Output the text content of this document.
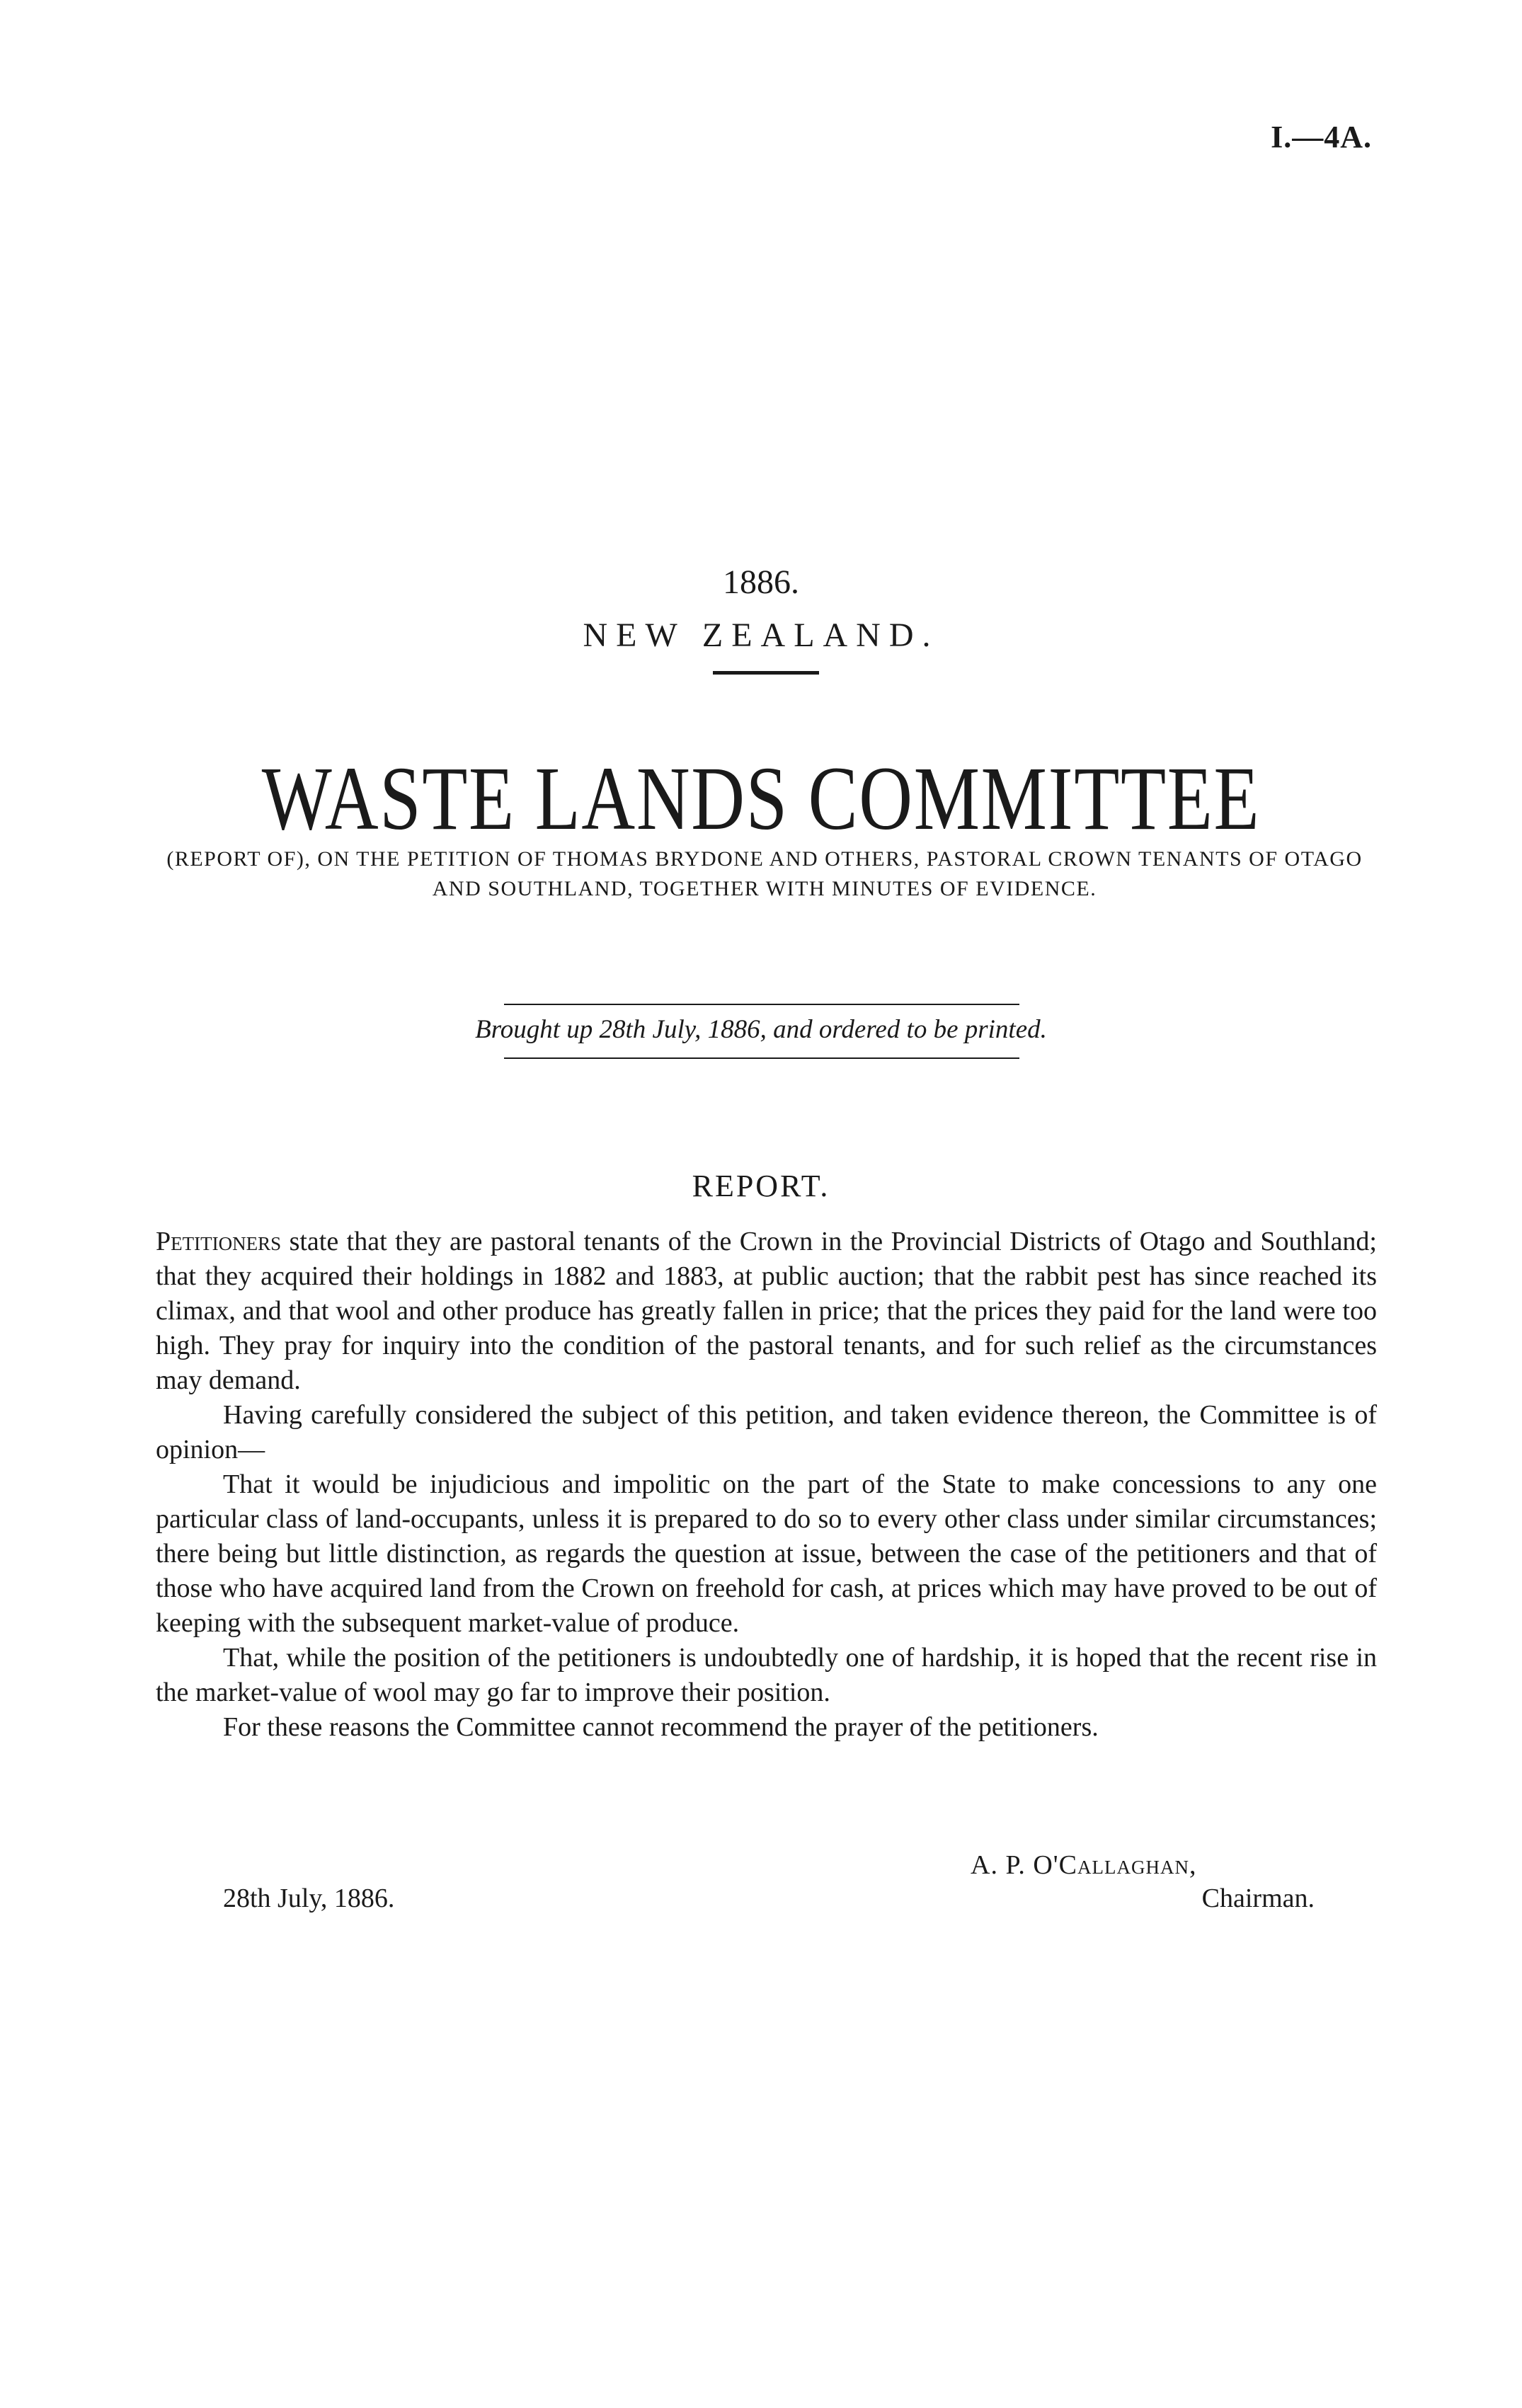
I.—4A.
1886.
NEW ZEALAND.
WASTE LANDS COMMITTEE
(REPORT OF), ON THE PETITION OF THOMAS BRYDONE AND OTHERS, PASTORAL CROWN TENANTS OF OTAGO AND SOUTHLAND, TOGETHER WITH MINUTES OF EVIDENCE.
Brought up 28th July, 1886, and ordered to be printed.
REPORT.

Petitioners state that they are pastoral tenants of the Crown in the Provincial Districts of Otago and Southland; that they acquired their holdings in 1882 and 1883, at public auction; that the rabbit pest has since reached its climax, and that wool and other produce has greatly fallen in price; that the prices they paid for the land were too high. They pray for inquiry into the condition of the pastoral tenants, and for such relief as the circumstances may demand.

Having carefully considered the subject of this petition, and taken evidence thereon, the Committee is of opinion—

That it would be injudicious and impolitic on the part of the State to make concessions to any one particular class of land-occupants, unless it is prepared to do so to every other class under similar circumstances; there being but little distinction, as regards the question at issue, between the case of the petitioners and that of those who have acquired land from the Crown on freehold for cash, at prices which may have proved to be out of keeping with the subsequent market-value of produce.

That, while the position of the petitioners is undoubtedly one of hardship, it is hoped that the recent rise in the market-value of wool may go far to improve their position.

For these reasons the Committee cannot recommend the prayer of the petitioners.

A. P. O'Callaghan,
28th July, 1886.	Chairman.
